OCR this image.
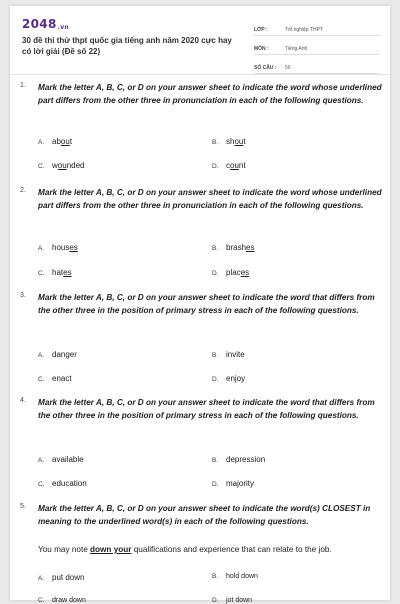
2048.vn
30 đề thi thử thpt quốc gia tiếng anh năm 2020 cực hay có lời giải (Đề số 22)
LỚP :	Tốt nghiệp THPT
MÔN :	Tiếng Anh
SỐ CÂU :	50
1. Mark the letter A, B, C, or D on your answer sheet to indicate the word whose underlined part differs from the other three in pronunciation in each of the following questions.
A. about	B. shout
C. wounded	D. count
2. Mark the letter A, B, C, or D on your answer sheet to indicate the word whose underlined part differs from the other three in pronunciation in each of the following questions.
A. houses	B. brashes
C. hates	D. places
3. Mark the letter A, B, C, or D on your answer sheet to indicate the word that differs from the other three in the position of primary stress in each of the following questions.
A. danger	B. invite
C. enact	D. enjoy
4. Mark the letter A, B, C, or D on your answer sheet to indicate the word that differs from the other three in the position of primary stress in each of the following questions.
A. available	B. depression
C. education	D. majority
5. Mark the letter A, B, C, or D on your answer sheet to indicate the word(s) CLOSEST in meaning to the underlined word(s) in each of the following questions.
You may note down your qualifications and experience that can relate to the job.
A. put down	B. hold down
C. draw down	D. jot down
